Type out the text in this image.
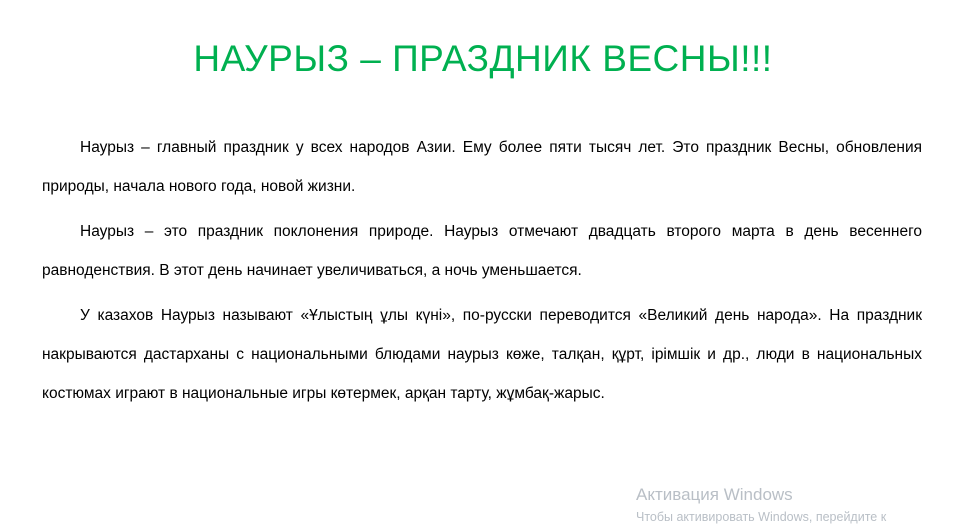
НАУРЫЗ – ПРАЗДНИК ВЕСНЫ!!!

Наурыз – главный праздник у всех народов Азии. Ему более пяти тысяч лет. Это праздник Весны, обновления природы, начала нового года, новой жизни.

Наурыз – это праздник поклонения природе. Наурыз отмечают двадцать второго марта в день весеннего равноденствия. В этот день начинает увеличиваться, а ночь уменьшается.

У казахов Наурыз называют «Ұлыстың ұлы күні», по-русски переводится «Великий день народа». На праздник накрываются дастарханы с национальными блюдами наурыз көже, талқан, құрт, ірімшік и др., люди в национальных костюмах играют в национальные игры көтермек, арқан тарту, жұмбақ-жарыс.

Активация Windows
Чтобы активировать Windows, перейдите к
